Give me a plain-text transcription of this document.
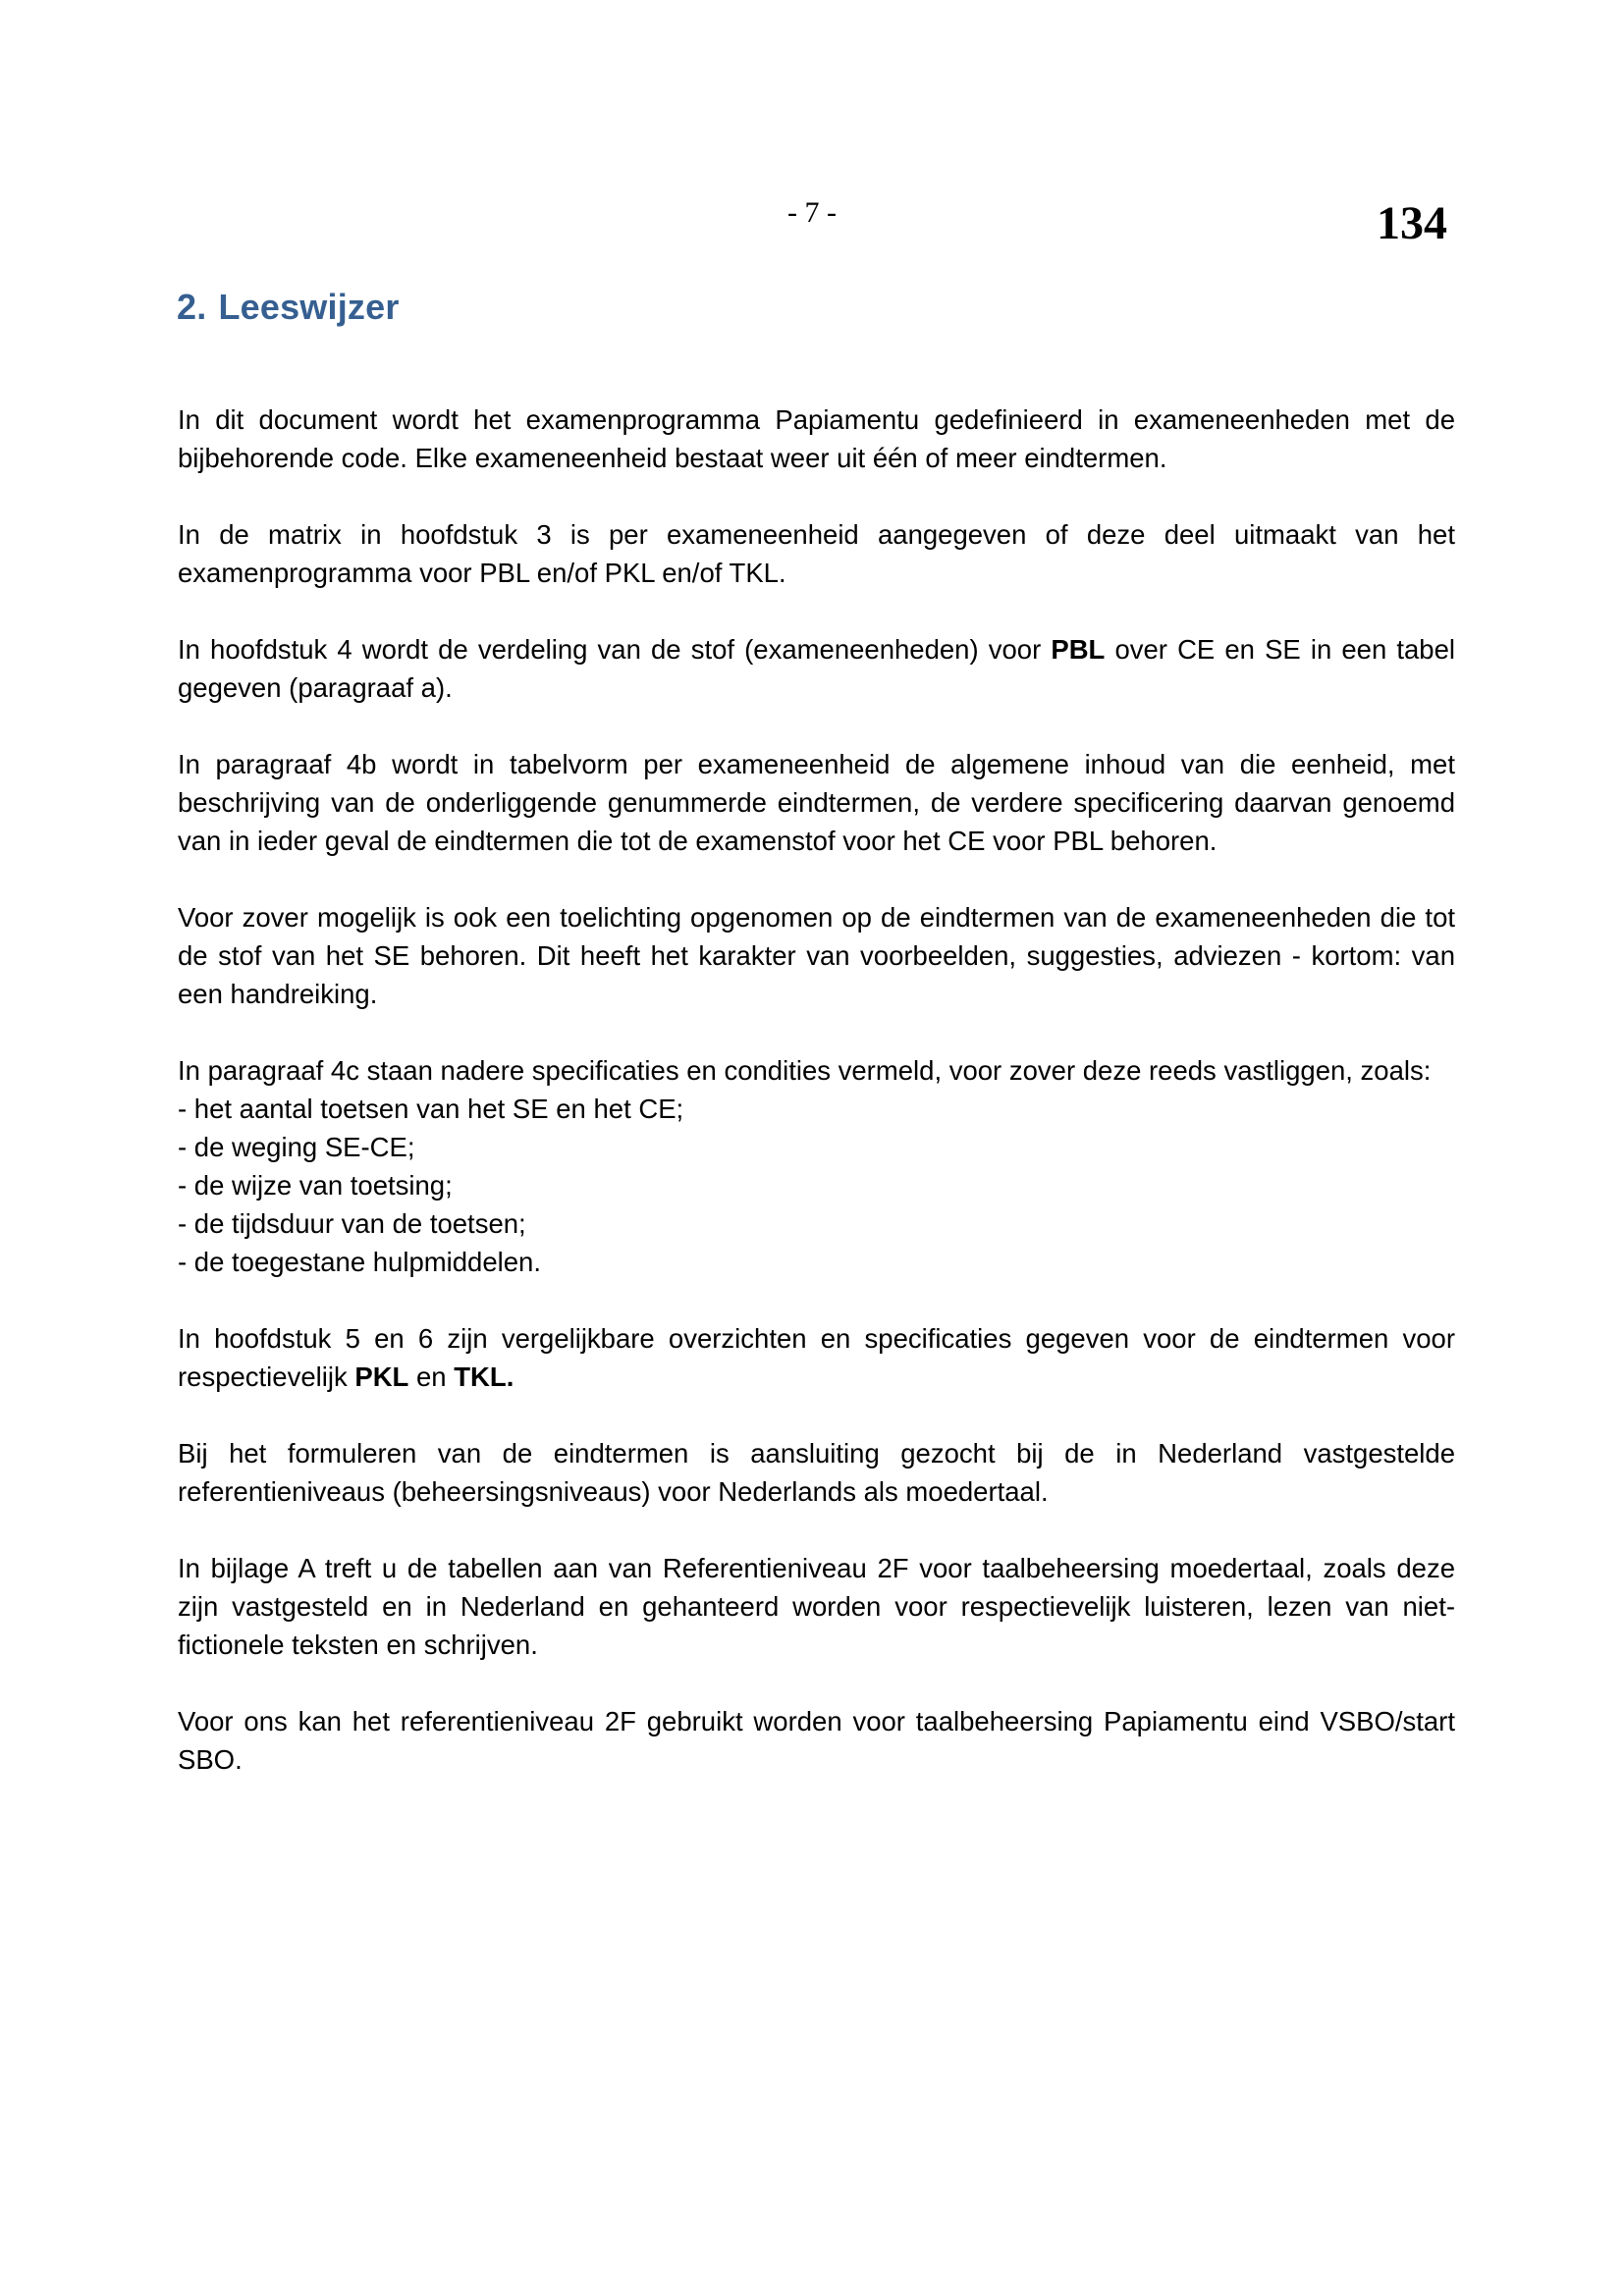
- 7 -	134
2. Leeswijzer

In dit document wordt het examenprogramma Papiamentu gedefinieerd in exameneenheden met de bijbehorende code. Elke exameneenheid bestaat weer uit één of meer eindtermen.

In de matrix in hoofdstuk 3 is per exameneenheid aangegeven of deze deel uitmaakt van het examenprogramma voor PBL en/of PKL en/of TKL.

In hoofdstuk 4 wordt de verdeling van de stof (exameneenheden) voor PBL over CE en SE in een tabel gegeven (paragraaf a).

In paragraaf 4b wordt in tabelvorm per exameneenheid de algemene inhoud van die eenheid, met beschrijving van de onderliggende genummerde eindtermen, de verdere specificering daarvan genoemd van in ieder geval de eindtermen die tot de examenstof voor het CE voor PBL behoren.

Voor zover mogelijk is ook een toelichting opgenomen op de eindtermen van de exameneenheden die tot de stof van het SE behoren. Dit heeft het karakter van voorbeelden, suggesties, adviezen - kortom: van een handreiking.

In paragraaf 4c staan nadere specificaties en condities vermeld, voor zover deze reeds vastliggen, zoals:

- het aantal toetsen van het SE en het CE;
- de weging SE-CE;
- de wijze van toetsing;
- de tijdsduur van de toetsen;
- de toegestane hulpmiddelen.

In hoofdstuk 5 en 6 zijn vergelijkbare overzichten en specificaties gegeven voor de eindtermen voor respectievelijk PKL en TKL.

Bij het formuleren van de eindtermen is aansluiting gezocht bij de in Nederland vastgestelde referentieniveaus (beheersingsniveaus) voor Nederlands als moedertaal.

In bijlage A treft u de tabellen aan van Referentieniveau 2F voor taalbeheersing moedertaal, zoals deze zijn vastgesteld en in Nederland en gehanteerd worden voor respectievelijk luisteren, lezen van niet-fictionele teksten en schrijven.

Voor ons kan het referentieniveau 2F gebruikt worden voor taalbeheersing Papiamentu eind VSBO/start SBO.
